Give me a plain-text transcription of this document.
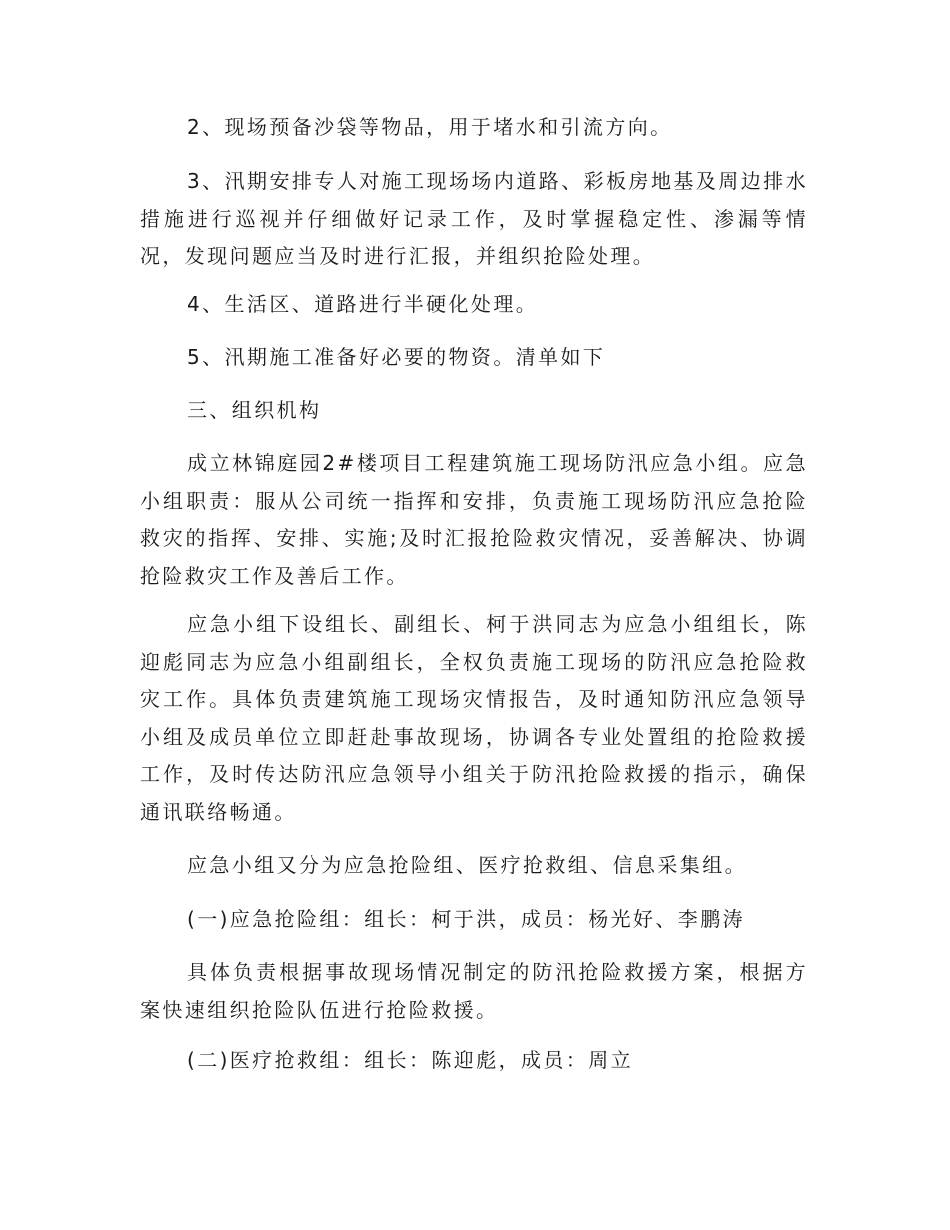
2、现场预备沙袋等物品，用于堵水和引流方向。

3、汛期安排专人对施工现场场内道路、彩板房地基及周边排水措施进行巡视并仔细做好记录工作，及时掌握稳定性、渗漏等情况，发现问题应当及时进行汇报，并组织抢险处理。

4、生活区、道路进行半硬化处理。

5、汛期施工准备好必要的物资。清单如下

三、组织机构

成立林锦庭园2#楼项目工程建筑施工现场防汛应急小组。应急小组职责：服从公司统一指挥和安排，负责施工现场防汛应急抢险救灾的指挥、安排、实施;及时汇报抢险救灾情况，妥善解决、协调抢险救灾工作及善后工作。

应急小组下设组长、副组长、柯于洪同志为应急小组组长，陈迎彪同志为应急小组副组长，全权负责施工现场的防汛应急抢险救灾工作。具体负责建筑施工现场灾情报告，及时通知防汛应急领导小组及成员单位立即赶赴事故现场，协调各专业处置组的抢险救援工作，及时传达防汛应急领导小组关于防汛抢险救援的指示，确保通讯联络畅通。

应急小组又分为应急抢险组、医疗抢救组、信息采集组。

(一)应急抢险组：组长：柯于洪，成员：杨光好、李鹏涛

具体负责根据事故现场情况制定的防汛抢险救援方案，根据方案快速组织抢险队伍进行抢险救援。

(二)医疗抢救组：组长：陈迎彪，成员：周立
